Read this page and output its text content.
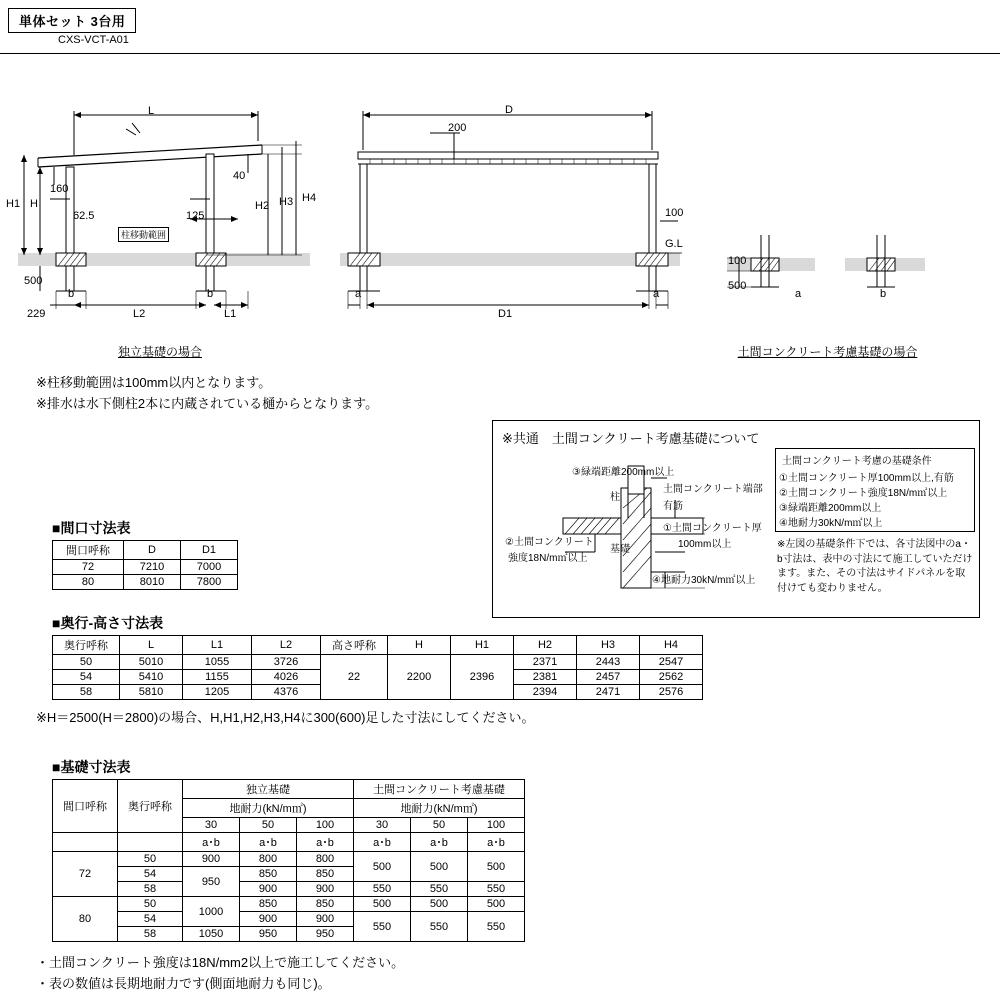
単体セット 3台用
CXS-VCT-A01
L
H1 H
160
40
62.5	125
柱移動範囲
H2 H3 H4
500
b	b
229	L2	L1
独立基礎の場合
D
200
100
G.L
a	a
D1
100
500
a	b
土間コンクリート考慮基礎の場合
※柱移動範囲は100mm以内となります。
※排水は水下側柱2本に内蔵されている樋からとなります。
※共通　土間コンクリート考慮基礎について
③緑端距離200mm以上
土間コンクリート端部
有筋
①土間コンクリート厚
100mm以上
②土間コンクリート
強度18N/m㎡以上
④地耐力30kN/m㎡以上
柱
基礎
土間コンクリート考慮の基礎条件
①土間コンクリート厚100mm以上,有筋
②土間コンクリート強度18N/m㎡以上
③緑端距離200mm以上
④地耐力30kN/m㎡以上
※左図の基礎条件下では、各寸法図中のa・b寸法は、表中の寸法にて施工していただけます。また、その寸法はサイドパネルを取付けても変わりません。
■間口寸法表
間口呼称	D	D1
72	7210	7000
80	8010	7800
■奥行-高さ寸法表
奥行呼称	L	L1	L2	高さ呼称	H	H1	H2	H3	H4
50	5010	1055	3726	22	2200	2396	2371	2443	2547
54	5410	1155	4026				2381	2457	2562
58	5810	1205	4376				2394	2471	2576
※H＝2500(H＝2800)の場合、H,H1,H2,H3,H4に300(600)足した寸法にしてください。
■基礎寸法表
間口呼称	奥行呼称	独立基礎			土間コンクリート考慮基礎		
		地耐力(kN/m㎡)			地耐力(kN/m㎡)		
		30	50	100	30	50	100
		a･b	a･b	a･b	a･b	a･b	a･b
72	50	900	800	800	500	500	500
	54	950	850	850			
	58		900	900	550	550	550
80	50	1000	850	850	500	500	500
	54		900	900	550	550	550
	58	1050	950	950			
・土間コンクリート強度は18N/mm2以上で施工してください。
・表の数値は長期地耐力です(側面地耐力も同じ)。
